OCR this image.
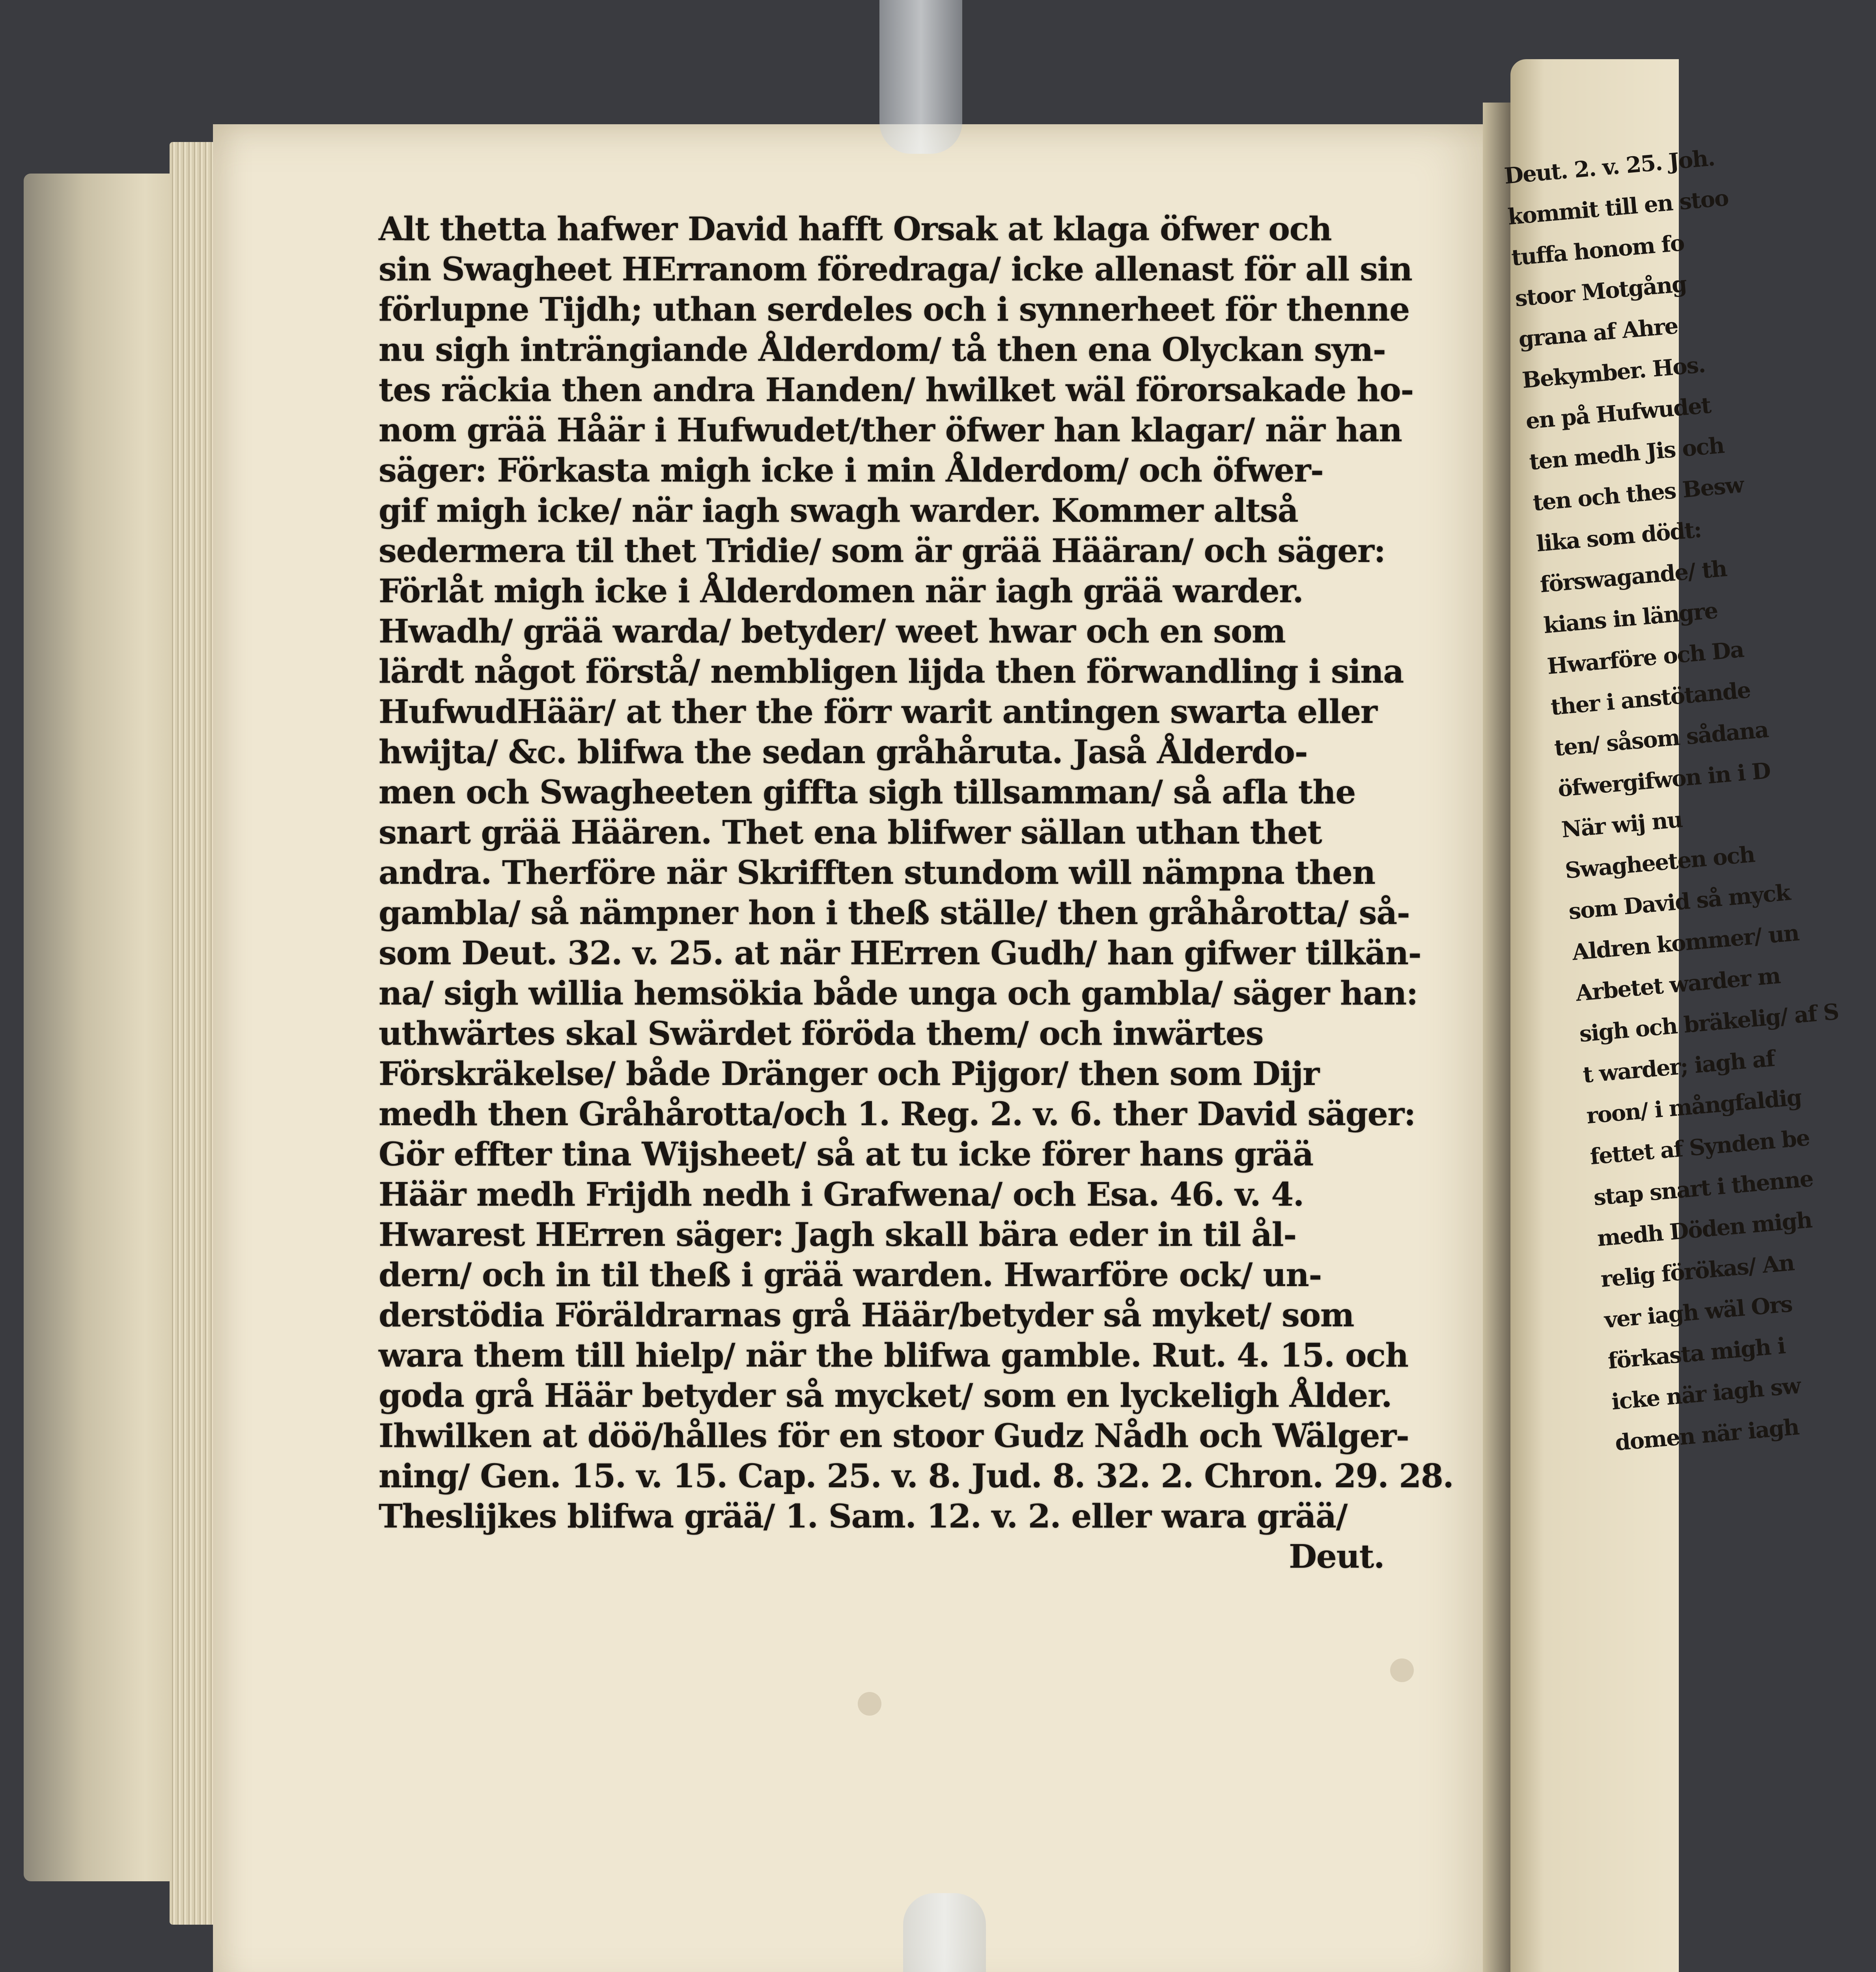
Alt thetta hafwer David hafft Orsak at klaga öfwer och
sin Swagheet HErranom föredraga/ icke allenast för all sin
förlupne Tijdh; uthan serdeles och i synnerheet för thenne
nu sigh inträngiande Ålderdom/ tå then ena Olyckan syn-
tes räckia then andra Handen/ hwilket wäl förorsakade ho-
nom grää Håär i Hufwudet/ther öfwer han klagar/ när han
säger: Förkasta migh icke i min Ålderdom/ och öfwer-
gif migh icke/ när iagh swagh warder. Kommer altså
sedermera til thet Tridie/ som är grää Hääran/ och säger:
Förlåt migh icke i Ålderdomen när iagh grää warder.
Hwadh/ grää warda/ betyder/ weet hwar och en som
lärdt något förstå/ nembligen lijda then förwandling i sina
HufwudHäär/ at ther the förr warit antingen swarta eller
hwijta/ &c. blifwa the sedan gråhåruta. Jaså Ålderdo-
men och Swagheeten giffta sigh tillsamman/ så afla the
snart grää Häären. Thet ena blifwer sällan uthan thet
andra. Therföre när Skrifften stundom will nämpna then
gambla/ så nämpner hon i theß ställe/ then gråhårotta/ så-
som Deut. 32. v. 25. at när HErren Gudh/ han gifwer tilkän-
na/ sigh willia hemsökia både unga och gambla/ säger han:
uthwärtes skal Swärdet föröda them/ och inwärtes
Förskräkelse/ både Dränger och Pijgor/ then som Dijr
medh then Gråhårotta/och 1. Reg. 2. v. 6. ther David säger:
Gör effter tina Wijsheet/ så at tu icke förer hans grää
Häär medh Frijdh nedh i Grafwena/ och Esa. 46. v. 4.
Hwarest HErren säger: Jagh skall bära eder in til ål-
dern/ och in til theß i grää warden. Hwarföre ock/ un-
derstödia Föräldrarnas grå Häär/betyder så myket/ som
wara them till hielp/ när the blifwa gamble. Rut. 4. 15. och
goda grå Häär betyder så mycket/ som en lyckeligh Ålder.
Ihwilken at döö/hålles för en stoor Gudz Nådh och Wälger-
ning/ Gen. 15. v. 15. Cap. 25. v. 8. Jud. 8. 32. 2. Chron. 29. 28.
Theslijkes blifwa grää/ 1. Sam. 12. v. 2. eller wara grää/
Deut.
Deut. 2. v. 25. Joh.
kommit till en stoo
tuffa honom fo
stoor Motgång
grana af Ahre
Bekymber. Hos.
en på Hufwudet
ten medh Jis och
ten och thes Besw
lika som dödt:
förswagande/ th
kians in längre
Hwarföre och Da
ther i anstötande
ten/ såsom sådana
öfwergifwon in i D
När wij nu
Swagheeten och
som David så myck
Aldren kommer/ un
Arbetet warder m
sigh och bräkelig/ af S
t warder; iagh af
roon/ i mångfaldig
fettet af Synden be
stap snart i thenne
medh Döden migh
relig förökas/ An
ver iagh wäl Ors
förkasta migh i
icke när iagh sw
domen när iagh
